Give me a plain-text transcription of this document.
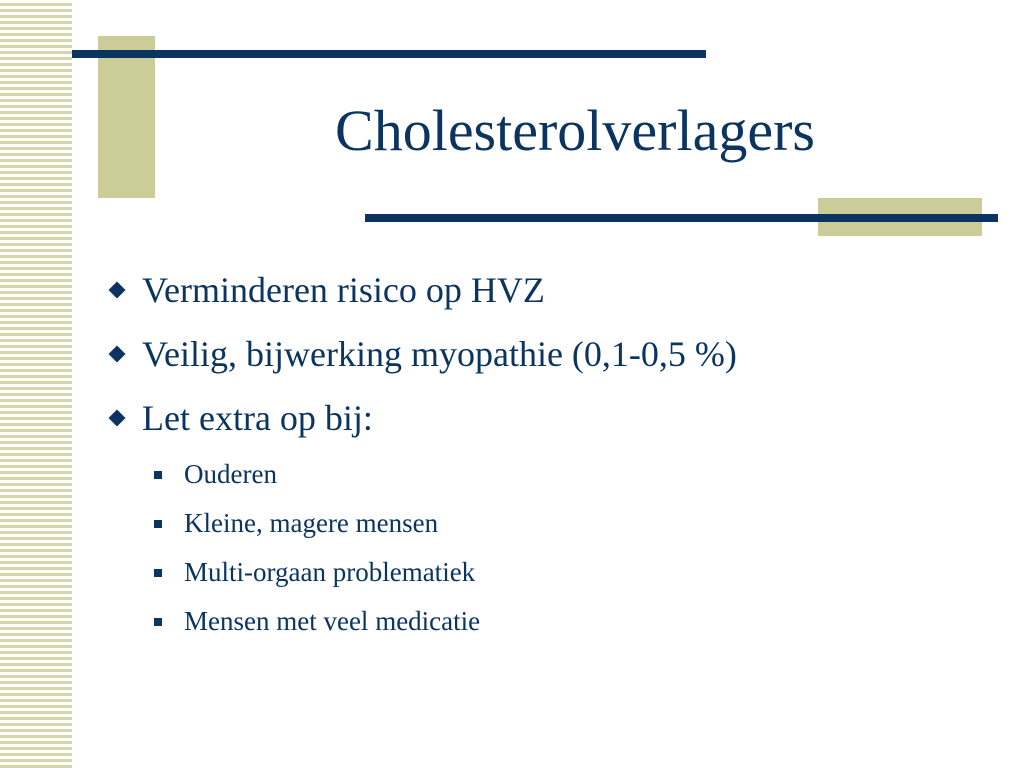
Cholesterolverlagers
Verminderen risico op HVZ
Veilig, bijwerking myopathie (0,1-0,5 %)
Let extra op bij:
Ouderen
Kleine, magere mensen
Multi-orgaan problematiek
Mensen met veel medicatie
